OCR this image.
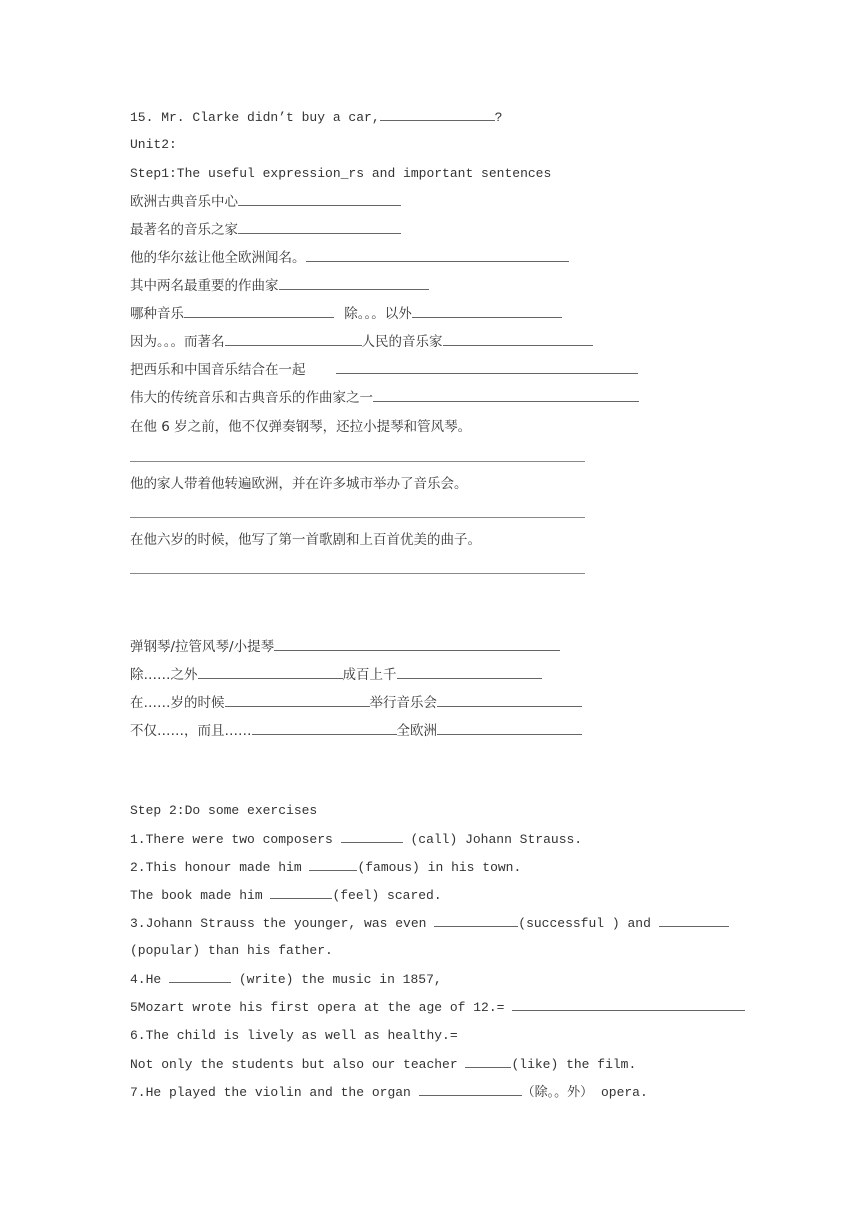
15. Mr. Clarke didn’t buy a car,	?
Unit2:
Step1:The useful expression_rs and important sentences
欧洲古典音乐中心
最著名的音乐之家
他的华尔兹让他全欧洲闻名。
其中两名最重要的作曲家
哪种音乐	除。。。以外
因为。。。而著名	人民的音乐家
把西乐和中国音乐结合在一起
伟大的传统音乐和古典音乐的作曲家之一
在他 6 岁之前，他不仅弹奏钢琴，还拉小提琴和管风琴。
他的家人带着他转遍欧洲，并在许多城市举办了音乐会。
在他六岁的时候，他写了第一首歌剧和上百首优美的曲子。
弹钢琴/拉管风琴/小提琴
除……之外	成百上千
在……岁的时候	举行音乐会
不仅……，而且……	全欧洲
Step 2:Do some exercises
1.There were two composers	(call) Johann Strauss.
2.This honour made him	(famous) in his town.
The book made him	(feel) scared.
3.Johann Strauss the younger, was even	(successful ) and
(popular) than his father.
4.He	(write) the music in 1857,
5Mozart wrote his first opera at the age of 12.=
6.The child is lively as well as healthy.=
Not only the students but also our teacher	(like) the film.
7.He played the violin and the organ	（除。。外） opera.
